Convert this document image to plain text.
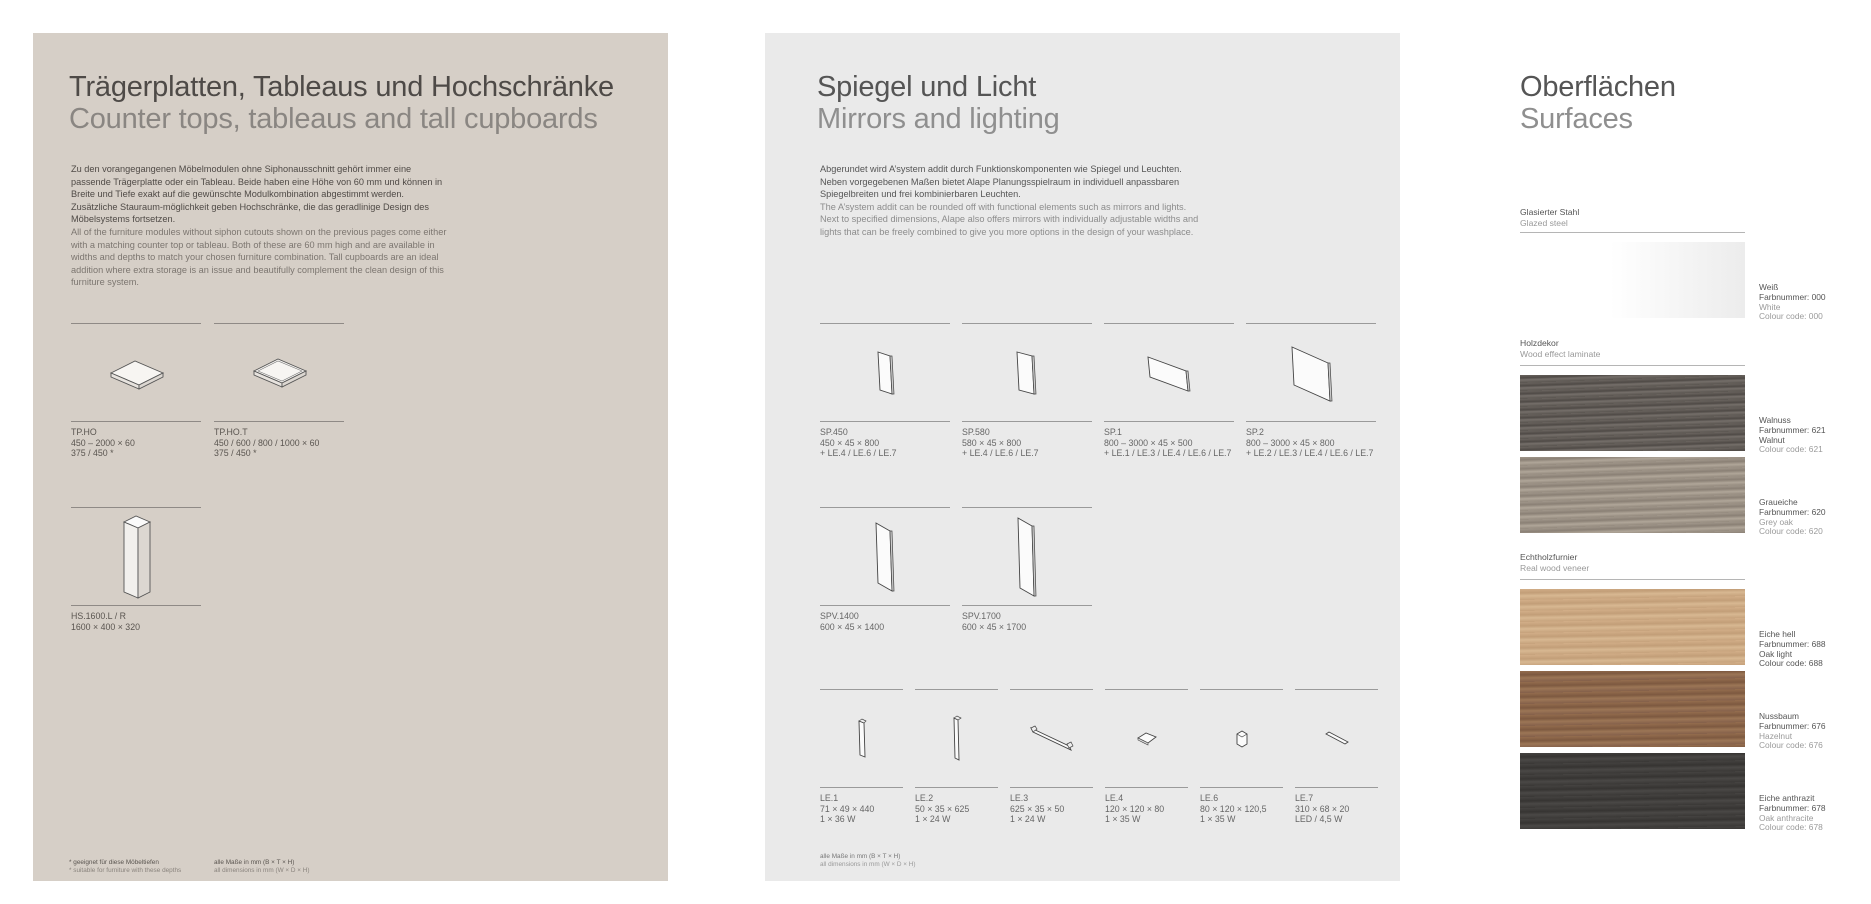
Trägerplatten, Tableaus und Hochschränke
Counter tops, tableaus and tall cupboards

Zu den vorangegangenen Möbelmodulen ohne Siphonausschnitt gehört immer eine passende Trägerplatte oder ein Tableau. Beide haben eine Höhe von 60 mm und können in Breite und Tiefe exakt auf die gewünschte Modulkombination abgestimmt werden. Zusätzliche Stauraum-möglichkeit geben Hochschränke, die das geradlinige Design des Möbelsystems fortsetzen.

All of the furniture modules without siphon cutouts shown on the previous pages come either with a matching counter top or tableau. Both of these are 60 mm high and are available in widths and depths to match your chosen furniture combination. Tall cupboards are an ideal addition where extra storage is an issue and beautifully complement the clean design of this furniture system.

TP.HO
450 – 2000 × 60
375 / 450 *
TP.HO.T
450 / 600 / 800 / 1000 × 60
375 / 450 *
HS.1600.L / R
1600 × 400 × 320
* geeignet für diese Möbeltiefen
* suitable for furniture with these depths
alle Maße in mm (B × T × H)
all dimensions in mm (W × D × H)
Spiegel und Licht
Mirrors and lighting

Abgerundet wird A’system addit durch Funktionskomponenten wie Spiegel und Leuchten. Neben vorgegebenen Maßen bietet Alape Planungsspielraum in individuell anpassbaren Spiegelbreiten und frei kombinierbaren Leuchten.

The A’system addit can be rounded off with functional elements such as mirrors and lights. Next to specified dimensions, Alape also offers mirrors with individually adjustable widths and lights that can be freely combined to give you more options in the design of your washplace.

SP.450
450 × 45 × 800
+ LE.4 / LE.6 / LE.7
SP.580
580 × 45 × 800
+ LE.4 / LE.6 / LE.7
SP.1
800 – 3000 × 45 × 500
+ LE.1 / LE.3 / LE.4 / LE.6 / LE.7
SP.2
800 – 3000 × 45 × 800
+ LE.2 / LE.3 / LE.4 / LE.6 / LE.7
SPV.1400
600 × 45 × 1400
SPV.1700
600 × 45 × 1700
LE.1
71 × 49 × 440
1 × 36 W
LE.2
50 × 35 × 625
1 × 24 W
LE.3
625 × 35 × 50
1 × 24 W
LE.4
120 × 120 × 80
1 × 35 W
LE.6
80 × 120 × 120,5
1 × 35 W
LE.7
310 × 68 × 20
LED / 4,5 W
alle Maße in mm (B × T × H)
all dimensions in mm (W × D × H)
Oberflächen
Surfaces
Glasierter Stahl
Glazed steel
Weiß
Farbnummer: 000
White
Colour code: 000
Holzdekor
Wood effect laminate
Walnuss
Farbnummer: 621
Walnut
Colour code: 621
Graueiche
Farbnummer: 620
Grey oak
Colour code: 620
Echtholzfurnier
Real wood veneer
Eiche hell
Farbnummer: 688
Oak light
Colour code: 688
Nussbaum
Farbnummer: 676
Hazelnut
Colour code: 676
Eiche anthrazit
Farbnummer: 678
Oak anthracite
Colour code: 678
